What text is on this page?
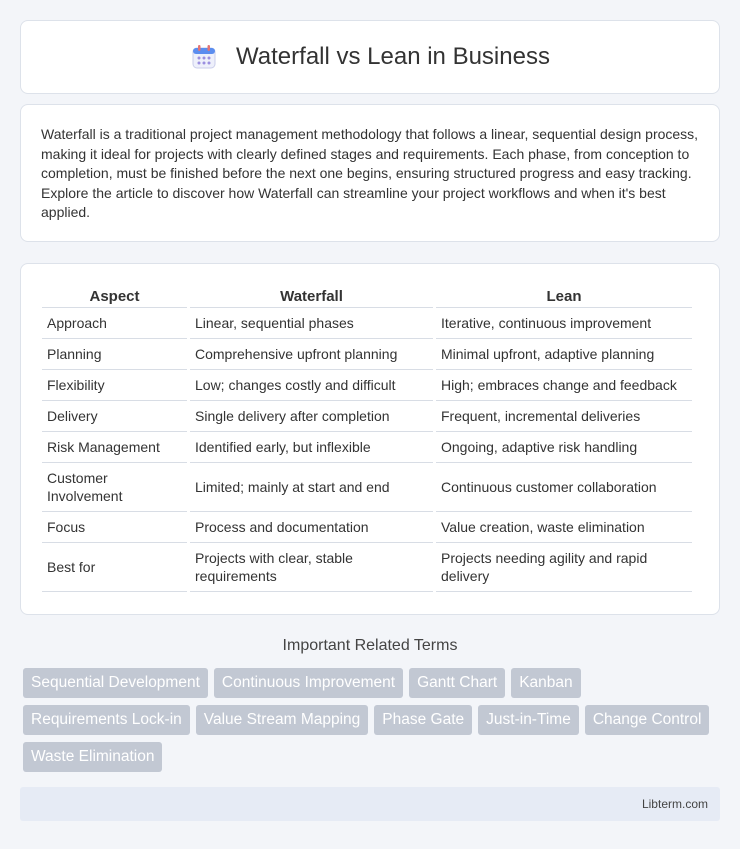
Waterfall vs Lean in Business

Waterfall is a traditional project management methodology that follows a linear, sequential design process, making it ideal for projects with clearly defined stages and requirements. Each phase, from conception to completion, must be finished before the next one begins, ensuring structured progress and easy tracking. Explore the article to discover how Waterfall can streamline your project workflows and when it's best applied.

Aspect	Waterfall	Lean
Approach	Linear, sequential phases	Iterative, continuous improvement
Planning	Comprehensive upfront planning	Minimal upfront, adaptive planning
Flexibility	Low; changes costly and difficult	High; embraces change and feedback
Delivery	Single delivery after completion	Frequent, incremental deliveries
Risk Management	Identified early, but inflexible	Ongoing, adaptive risk handling
Customer Involvement	Limited; mainly at start and end	Continuous customer collaboration
Focus	Process and documentation	Value creation, waste elimination
Best for	Projects with clear, stable requirements	Projects needing agility and rapid delivery
Important Related Terms
Sequential Development	Continuous Improvement	Gantt Chart	Kanban
Requirements Lock-in	Value Stream Mapping	Phase Gate	Just-in-Time	Change Control
Waste Elimination
Libterm.com
